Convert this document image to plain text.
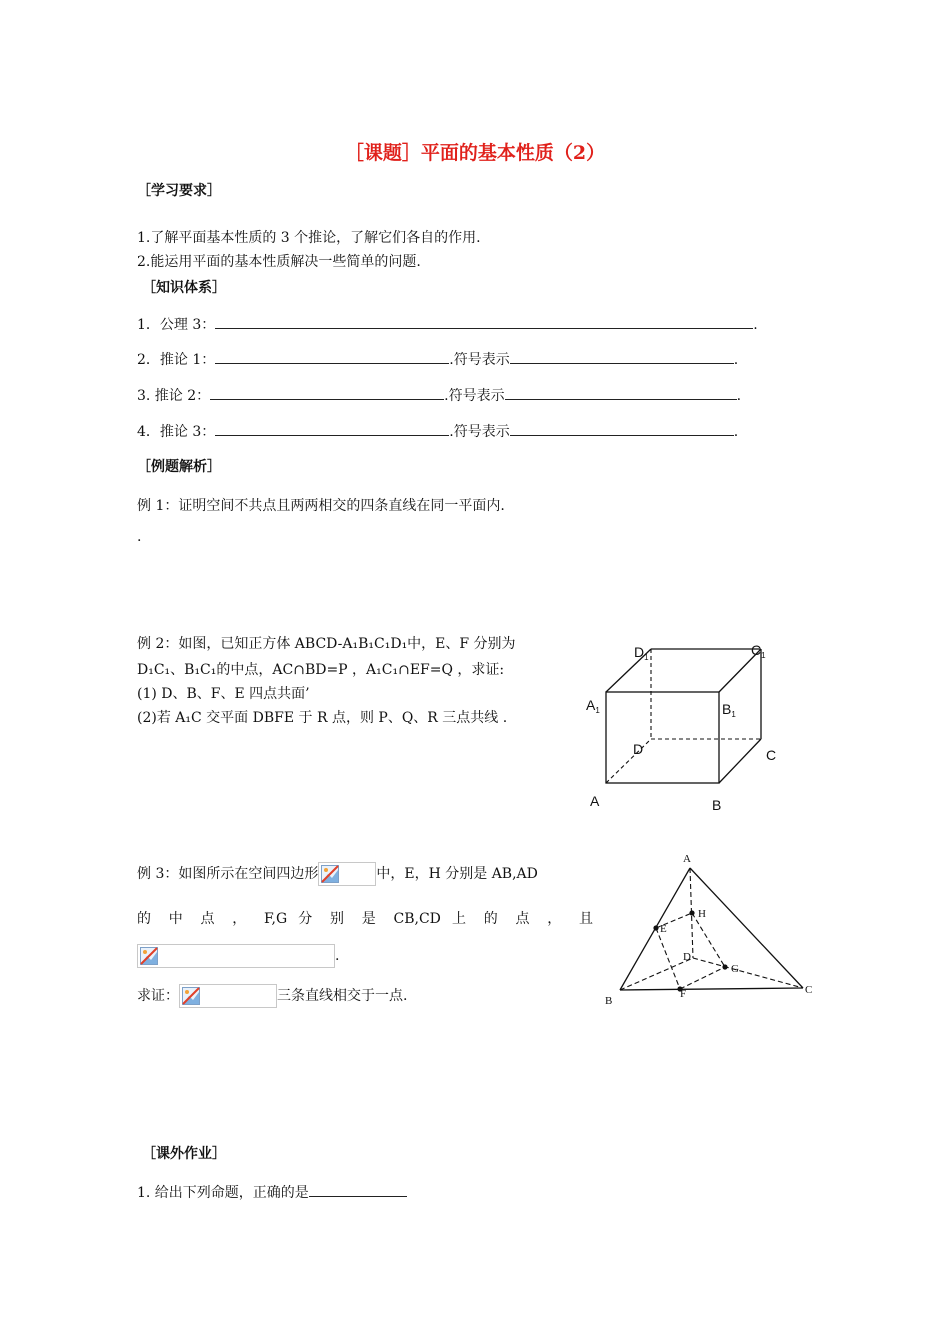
［课题］平面的基本性质（2）
［学习要求］
1.了解平面基本性质的 3 个推论，了解它们各自的作用.
2.能运用平面的基本性质解决一些简单的问题.
［知识体系］
1．公理 3：	.
2．推论 1：	.符号表示	.
3. 推论 2：	.符号表示	.
4．推论 3：	.符号表示	.
［例题解析］
例 1：证明空间不共点且两两相交的四条直线在同一平面内.
.
例 2：如图，已知正方体 ABCD-A₁B₁C₁D₁中，E、F 分别为
D₁C₁、B₁C₁的中点，AC∩BD=P ，A₁C₁∩EF=Q ，求证:
(1) D、B、F、E 四点共面’
(2)若 A₁C 交平面 DBFE 于 R 点，则 P、Q、R 三点共线 .
$D_1$	$C_1$
$A_1$	$B_1$
D	C
A	B
例 3：如图所示在空间四边形	中，E，H 分别是 AB,AD
的 中 点 ， F,G 分 别 是 CB,CD 上 的 点 ， 且
.
求证：	三条直线相交于一点.
A
B
C
D
E
F
G
H
［课外作业］
1. 给出下列命题，正确的是
